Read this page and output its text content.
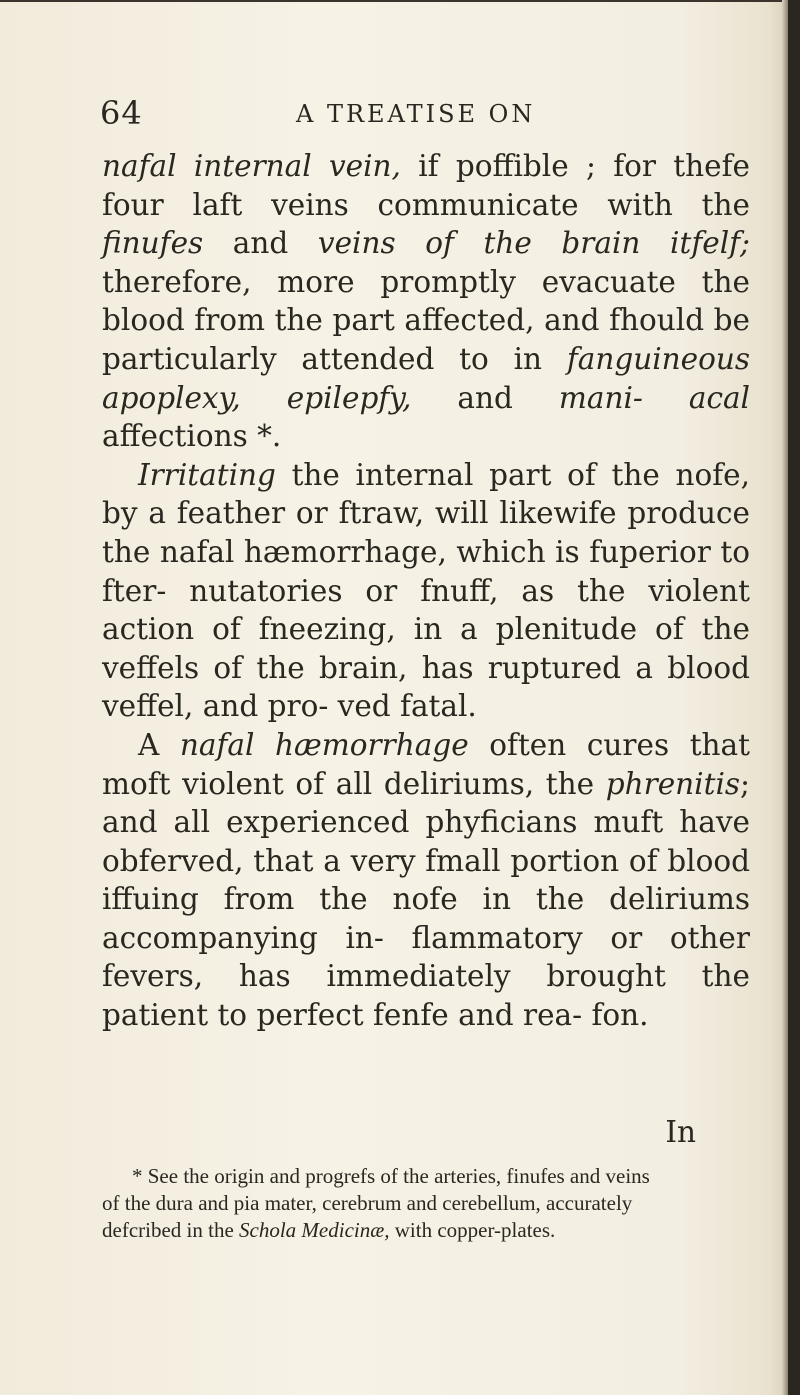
64	A TREATISE ON

nafal internal vein, if poffible ; for thefe four laft veins communicate with the finufes and veins of the brain itfelf; therefore, more promptly evacuate the blood from the part affected, and fhould be particularly attended to in fanguineous apoplexy, epilepfy, and mani- acal affections *.

Irritating the internal part of the nofe, by a feather or ftraw, will likewife produce the nafal hæmorrhage, which is fuperior to fter- nutatories or fnuff, as the violent action of fneezing, in a plenitude of the veffels of the brain, has ruptured a blood veffel, and pro- ved fatal.

A nafal hæmorrhage often cures that moft violent of all deliriums, the phrenitis; and all experienced phyficians muft have obferved, that a very fmall portion of blood iffuing from the nofe in the deliriums accompanying in- flammatory or other fevers, has immediately brought the patient to perfect fenfe and rea- fon.

In
* See the origin and progrefs of the arteries, finufes and veins
of the dura and pia mater, cerebrum and cerebellum, accurately
defcribed in the Schola Medicinæ, with copper-plates.
